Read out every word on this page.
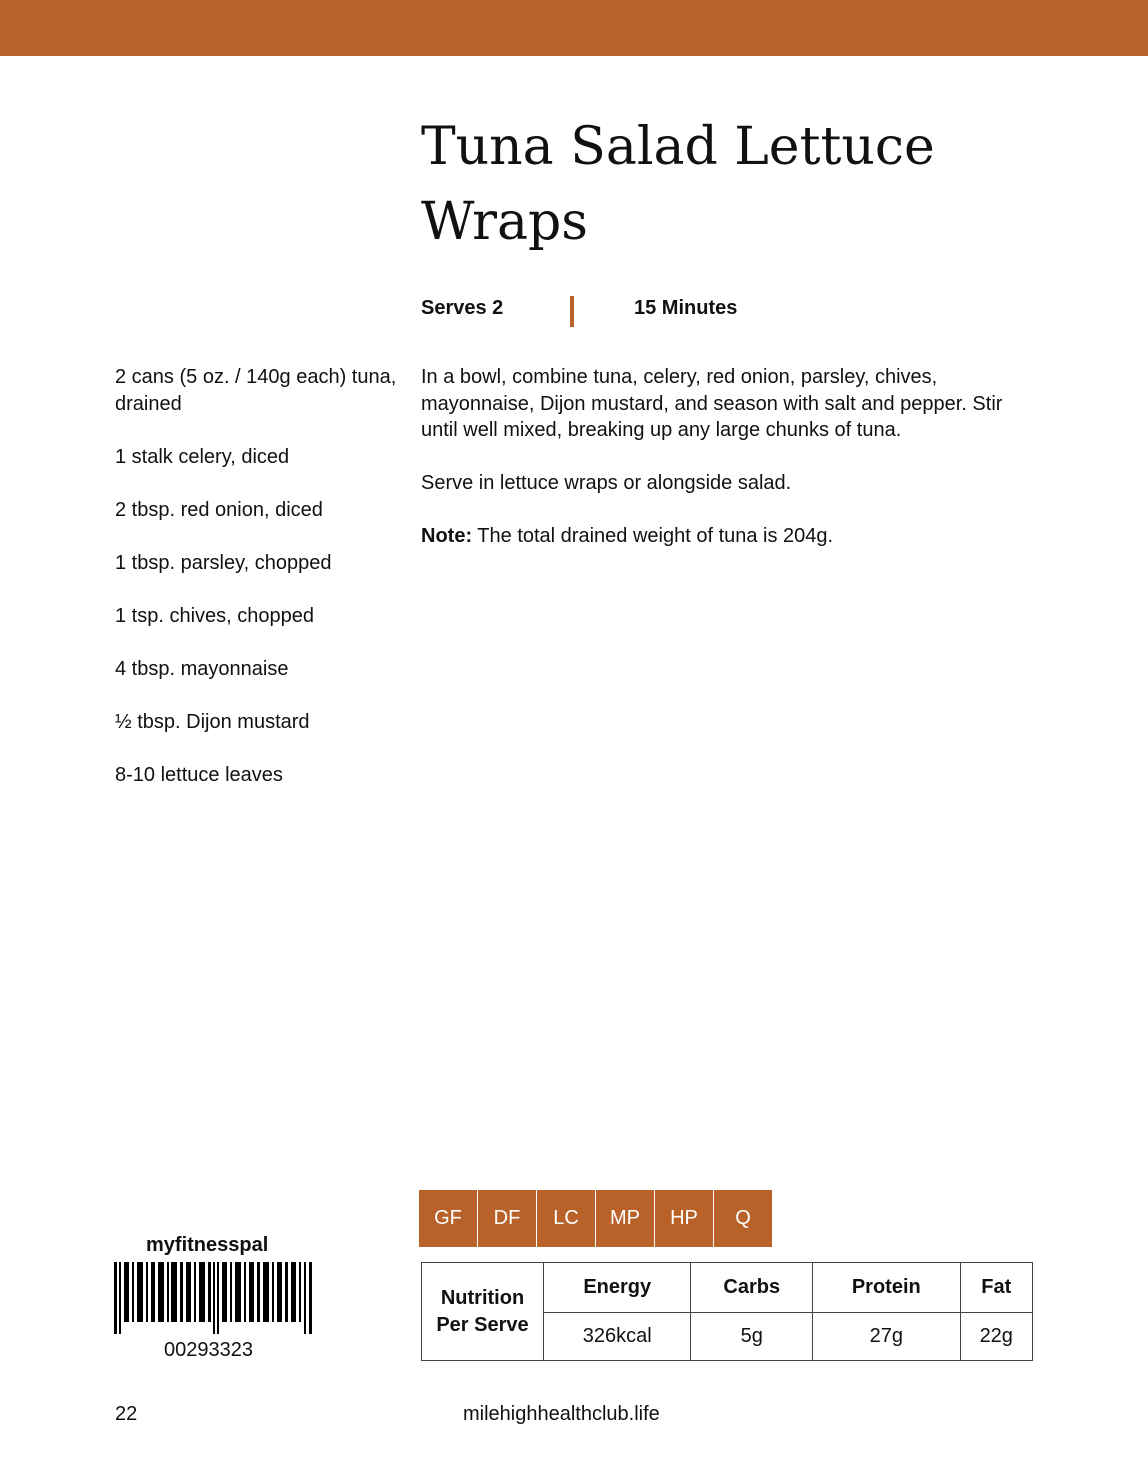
Tuna Salad Lettuce
Wraps
Serves 2	15 Minutes
2 cans (5 oz. / 140g each) tuna, drained
1 stalk celery, diced
2 tbsp. red onion, diced
1 tbsp. parsley, chopped
1 tsp. chives, chopped
4 tbsp. mayonnaise
½ tbsp. Dijon mustard
8-10 lettuce leaves

In a bowl, combine tuna, celery, red onion, parsley, chives, mayonnaise, Dijon mustard, and season with salt and pepper. Stir until well mixed, breaking up any large chunks of tuna.

Serve in lettuce wraps or alongside salad.

Note: The total drained weight of tuna is 204g.

GF	DF	LC	MP	HP	Q
myfitnesspal
00293323
Nutrition
Per Serve	Energy	Carbs	Protein	Fat
	326kcal	5g	27g	22g
22	milehighhealthclub.life
